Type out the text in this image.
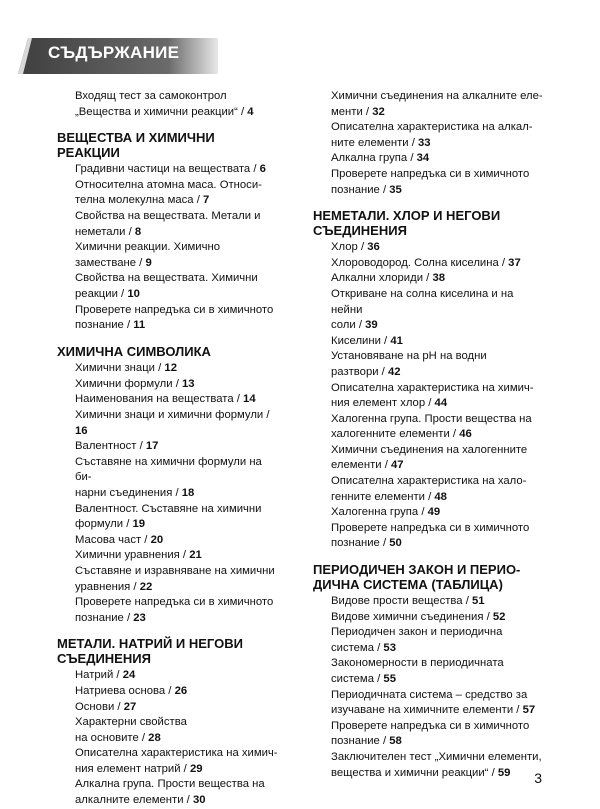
СЪДЪРЖАНИЕ
Входящ тест за самоконтрол
„Вещества и химични реакции“ / 4
ВЕЩЕСТВА И ХИМИЧНИ
РЕАКЦИИ
Градивни частици на веществата / 6
Относителна атомна маса. Относи-
телна молекулна маса / 7
Свойства на веществата. Метали и
неметали / 8
Химични реакции. Химично
заместване / 9
Свойства на веществата. Химични
реакции / 10
Проверете напредъка си в химичното
познание / 11
ХИМИЧНА СИМВОЛИКА
Химични знаци / 12
Химични формули / 13
Наименования на веществата / 14
Химични знаци и химични формули / 16
Валентност / 17
Съставяне на химични формули на би-
нарни съединения / 18
Валентност. Съставяне на химични
формули / 19
Масова част / 20
Химични уравнения / 21
Съставяне и изравняване на химични
уравнения / 22
Проверете напредъка си в химичното
познание / 23
МЕТАЛИ. НАТРИЙ И НЕГОВИ
СЪЕДИНЕНИЯ
Натрий / 24
Натриева основа / 26
Основи / 27
Характерни свойства
на основите / 28
Описателна характеристика на химич-
ния елемент натрий / 29
Алкална група. Прости вещества на
алкалните елементи / 30
Химични съединения на алкалните еле-
менти / 32
Описателна характеристика на алкал-
ните елементи / 33
Алкална група / 34
Проверете напредъка си в химичното
познание / 35
НЕМЕТАЛИ. ХЛОР И НЕГОВИ
СЪЕДИНЕНИЯ
Хлор / 36
Хлороводород. Солна киселина / 37
Алкални хлориди / 38
Откриване на солна киселина и на нейни
соли / 39
Киселини / 41
Установяване на pH на водни
разтвори / 42
Описателна характеристика на химич-
ния елемент хлор / 44
Халогенна група. Прости вещества на
халогенните елементи / 46
Химични съединения на халогенните
елементи / 47
Описателна характеристика на хало-
генните елементи / 48
Халогенна група / 49
Проверете напредъка си в химичното
познание / 50
ПЕРИОДИЧЕН ЗАКОН И ПЕРИО-
ДИЧНА СИСТЕМА (ТАБЛИЦА)
Видове прости вещества / 51
Видове химични съединения / 52
Периодичен закон и периодична
система / 53
Закономерности в периодичната
система / 55
Периодичната система – средство за
изучаване на химичните елементи / 57
Проверете напредъка си в химичното
познание / 58
Заключителен тест „Химични елементи,
вещества и химични реакции“ / 59	3
